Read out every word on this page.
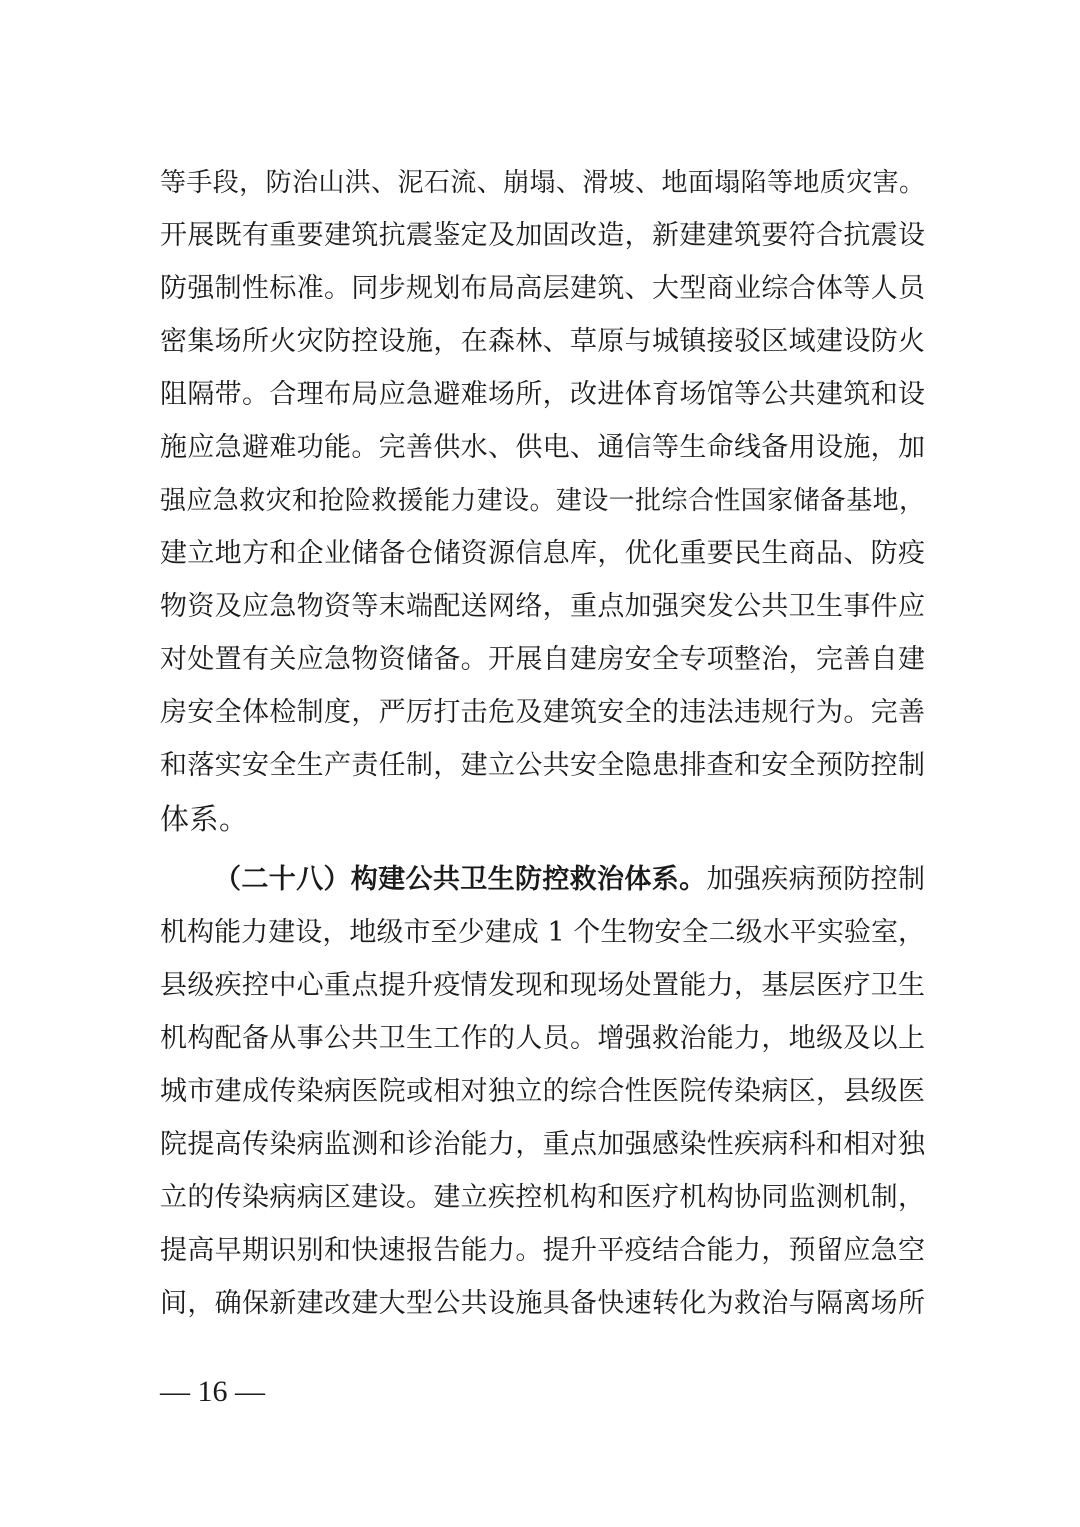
等手段，防治山洪、泥石流、崩塌、滑坡、地面塌陷等地质灾害。
开展既有重要建筑抗震鉴定及加固改造，新建建筑要符合抗震设
防强制性标准。同步规划布局高层建筑、大型商业综合体等人员
密集场所火灾防控设施，在森林、草原与城镇接驳区域建设防火
阻隔带。合理布局应急避难场所，改进体育场馆等公共建筑和设
施应急避难功能。完善供水、供电、通信等生命线备用设施，加
强应急救灾和抢险救援能力建设。建设一批综合性国家储备基地，
建立地方和企业储备仓储资源信息库，优化重要民生商品、防疫
物资及应急物资等末端配送网络，重点加强突发公共卫生事件应
对处置有关应急物资储备。开展自建房安全专项整治，完善自建
房安全体检制度，严厉打击危及建筑安全的违法违规行为。完善
和落实安全生产责任制，建立公共安全隐患排查和安全预防控制
体系。
（二十八）构建公共卫生防控救治体系。加强疾病预防控制
机构能力建设，地级市至少建成 1 个生物安全二级水平实验室，
县级疾控中心重点提升疫情发现和现场处置能力，基层医疗卫生
机构配备从事公共卫生工作的人员。增强救治能力，地级及以上
城市建成传染病医院或相对独立的综合性医院传染病区，县级医
院提高传染病监测和诊治能力，重点加强感染性疾病科和相对独
立的传染病病区建设。建立疾控机构和医疗机构协同监测机制，
提高早期识别和快速报告能力。提升平疫结合能力，预留应急空
间，确保新建改建大型公共设施具备快速转化为救治与隔离场所
— 16 —
